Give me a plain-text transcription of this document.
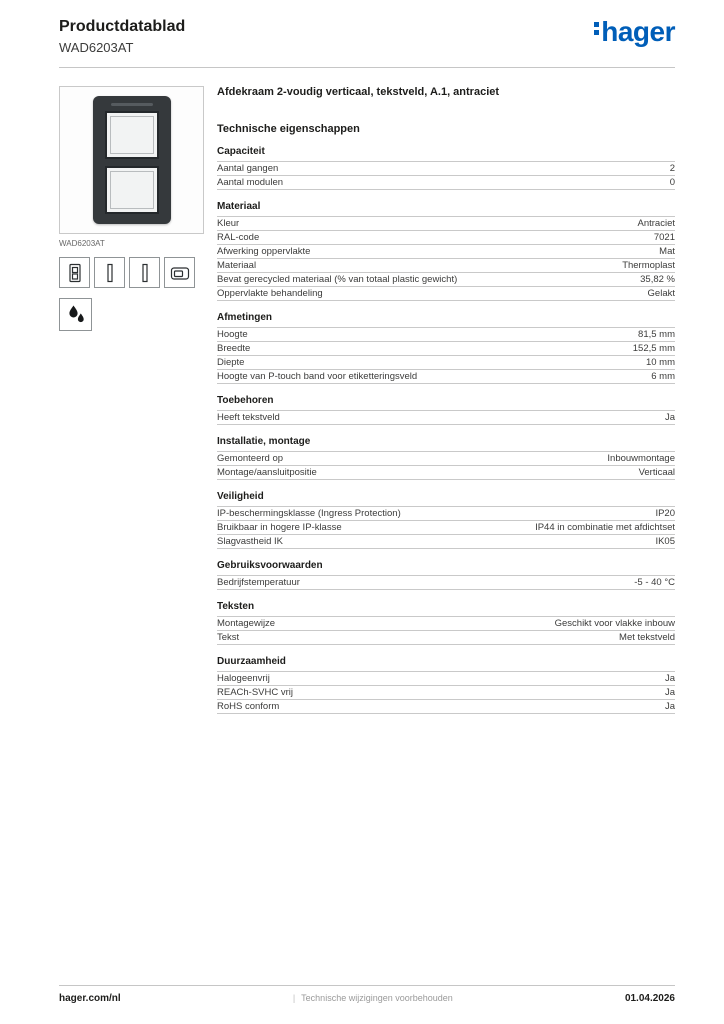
Productdatablad
WAD6203AT
hager
WAD6203AT
Afdekraam 2-voudig verticaal, tekstveld, A.1, antraciet
Technische eigenschappen
Capaciteit
Aantal gangen	2
Aantal modulen	0
Materiaal
Kleur	Antraciet
RAL-code	7021
Afwerking oppervlakte	Mat
Materiaal	Thermoplast
Bevat gerecycled materiaal (% van totaal plastic gewicht)	35,82 %
Oppervlakte behandeling	Gelakt
Afmetingen
Hoogte	81,5 mm
Breedte	152,5 mm
Diepte	10 mm
Hoogte van P-touch band voor etiketteringsveld	6 mm
Toebehoren
Heeft tekstveld	Ja
Installatie, montage
Gemonteerd op	Inbouwmontage
Montage/aansluitpositie	Verticaal
Veiligheid
IP-beschermingsklasse (Ingress Protection)	IP20
Bruikbaar in hogere IP-klasse	IP44 in combinatie met afdichtset
Slagvastheid IK	IK05
Gebruiksvoorwaarden
Bedrijfstemperatuur	-5 - 40 °C
Teksten
Montagewijze	Geschikt voor vlakke inbouw
Tekst	Met tekstveld
Duurzaamheid
Halogeenvrij	Ja
REACh-SVHC vrij	Ja
RoHS conform	Ja
hager.com/nl	| Technische wijzigingen voorbehouden	01.04.2026
